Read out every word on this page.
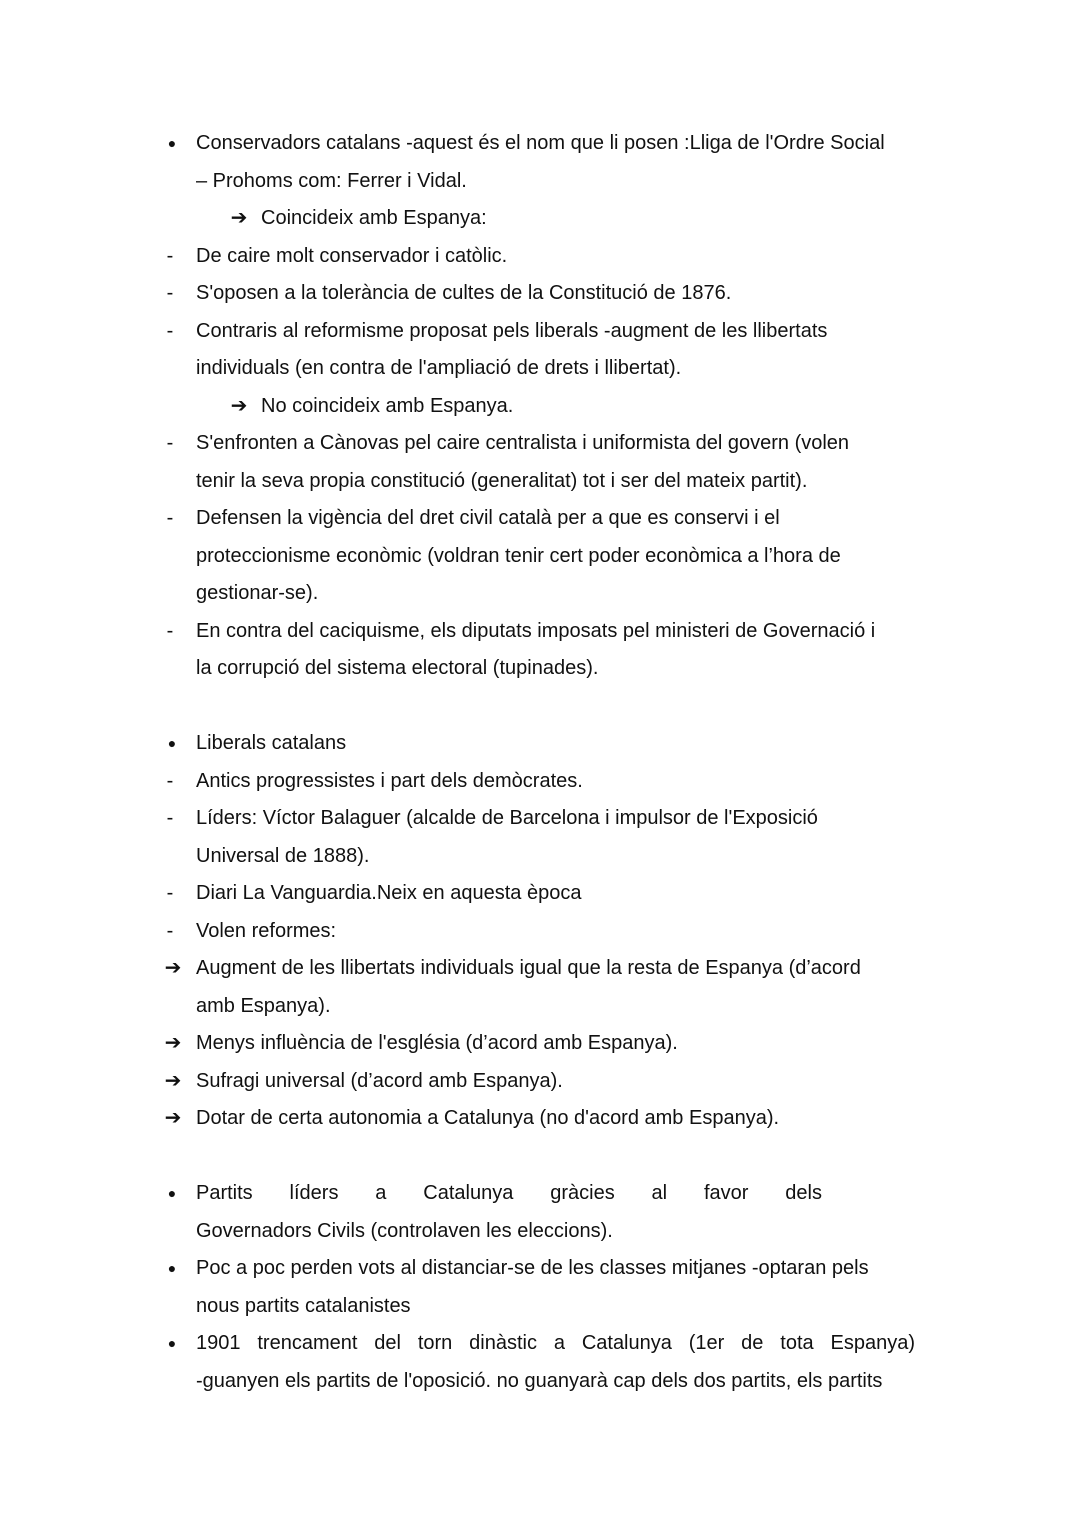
● Conservadors catalans -aquest és el nom que li posen :Lliga de l'Ordre Social
– Prohoms com: Ferrer i Vidal.
➔ Coincideix amb Espanya:
-	De caire molt conservador i catòlic.
-	S'oposen a la tolerància de cultes de la Constitució de 1876.
-	Contraris al reformisme proposat pels liberals -augment de les llibertats
individuals (en contra de l'ampliació de drets i llibertat).
➔ No coincideix amb Espanya.
-	S'enfronten a Cànovas pel caire centralista i uniformista del govern (volen
tenir la seva propia constitució (generalitat) tot i ser del mateix partit).
-	Defensen la vigència del dret civil català per a que es conservi i el
proteccionisme econòmic (voldran tenir cert poder econòmica a l’hora de
gestionar-se).
-	En contra del caciquisme, els diputats imposats pel ministeri de Governació i
la corrupció del sistema electoral (tupinades).
● Liberals catalans
-	Antics progressistes i part dels demòcrates.
-	Líders: Víctor Balaguer (alcalde de Barcelona i impulsor de l'Exposició
Universal de 1888).
-	Diari La Vanguardia.Neix en aquesta època
-	Volen reformes:
➔ Augment de les llibertats individuals igual que la resta de Espanya (d’acord
amb Espanya).
➔ Menys influència de l'església (d’acord amb Espanya).
➔ Sufragi universal (d’acord amb Espanya).
➔ Dotar de certa autonomia a Catalunya (no d'acord amb Espanya).
● Partits líders a Catalunya gràcies al favor dels
Governadors Civils (controlaven les eleccions).
● Poc a poc perden vots al distanciar-se de les classes mitjanes -optaran pels
nous partits catalanistes
● 1901 trencament del torn dinàstic a Catalunya (1er de tota Espanya)
-guanyen els partits de l'oposició. no guanyarà cap dels dos partits, els partits
